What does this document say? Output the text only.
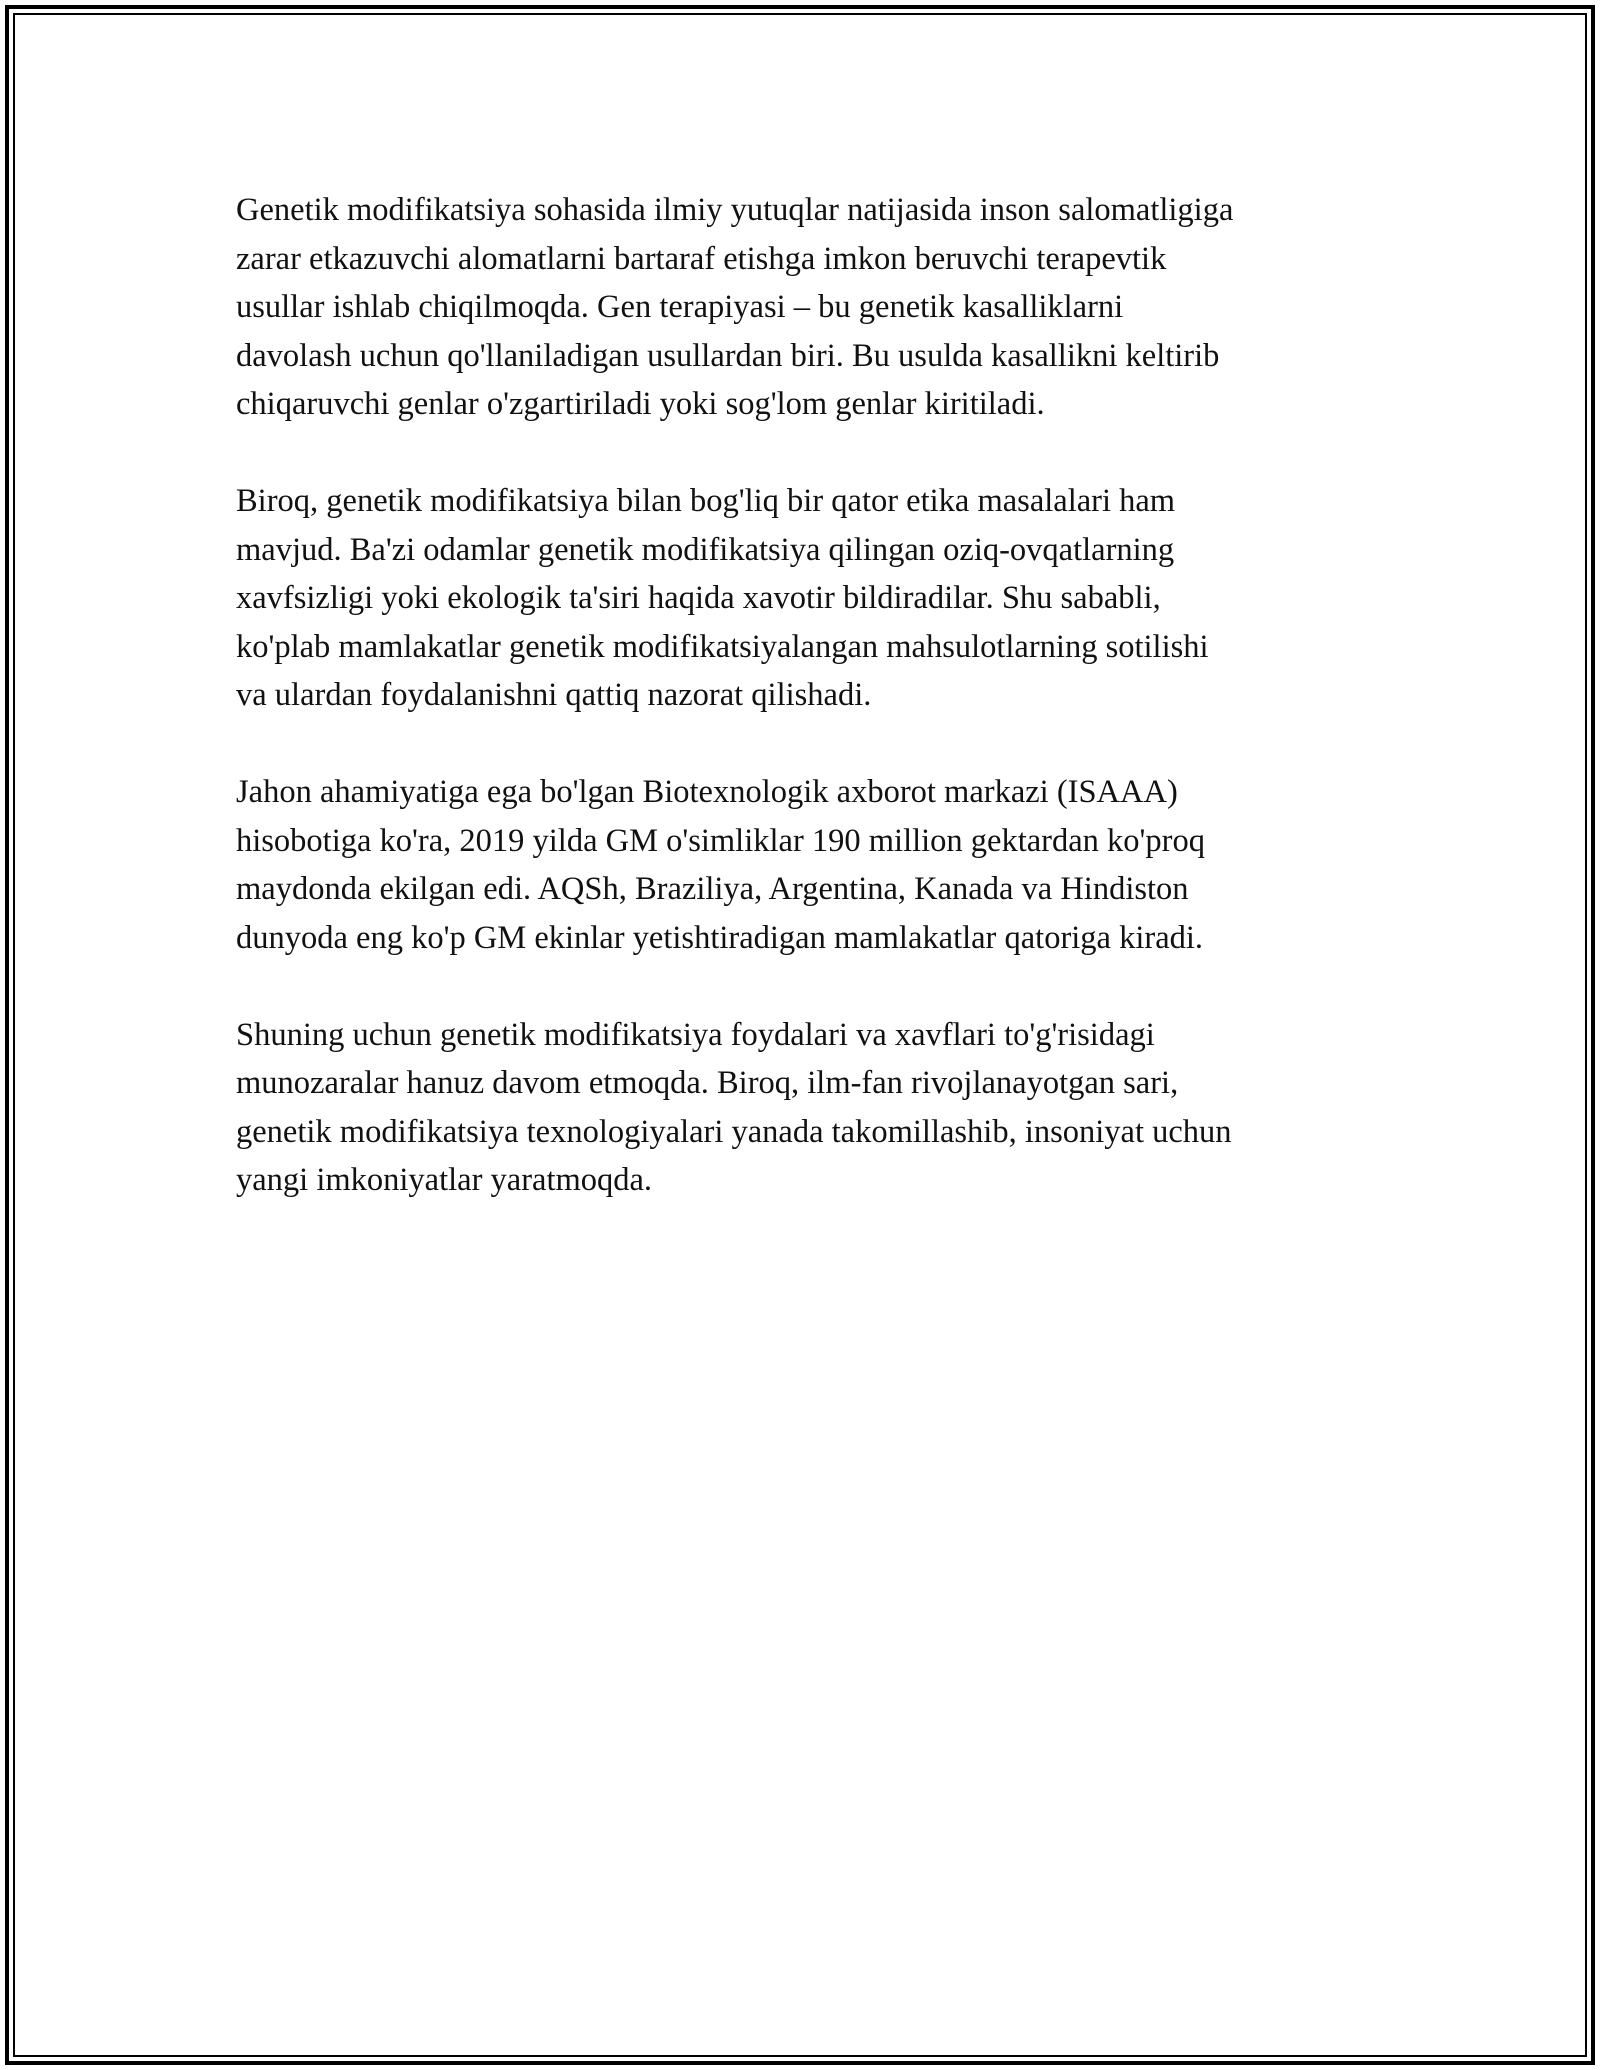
Genetik modifikatsiya sohasida ilmiy yutuqlar natijasida inson salomatligiga
zarar etkazuvchi alomatlarni bartaraf etishga imkon beruvchi terapevtik
usullar ishlab chiqilmoqda. Gen terapiyasi – bu genetik kasalliklarni
davolash uchun qo'llaniladigan usullardan biri. Bu usulda kasallikni keltirib
chiqaruvchi genlar o'zgartiriladi yoki sog'lom genlar kiritiladi.

Biroq, genetik modifikatsiya bilan bog'liq bir qator etika masalalari ham
mavjud. Ba'zi odamlar genetik modifikatsiya qilingan oziq-ovqatlarning
xavfsizligi yoki ekologik ta'siri haqida xavotir bildiradilar. Shu sababli,
ko'plab mamlakatlar genetik modifikatsiyalangan mahsulotlarning sotilishi
va ulardan foydalanishni qattiq nazorat qilishadi.

Jahon ahamiyatiga ega bo'lgan Biotexnologik axborot markazi (ISAAA)
hisobotiga ko'ra, 2019 yilda GM o'simliklar 190 million gektardan ko'proq
maydonda ekilgan edi. AQSh, Braziliya, Argentina, Kanada va Hindiston
dunyoda eng ko'p GM ekinlar yetishtiradigan mamlakatlar qatoriga kiradi.

Shuning uchun genetik modifikatsiya foydalari va xavflari to'g'risidagi
munozaralar hanuz davom etmoqda. Biroq, ilm-fan rivojlanayotgan sari,
genetik modifikatsiya texnologiyalari yanada takomillashib, insoniyat uchun
yangi imkoniyatlar yaratmoqda.
